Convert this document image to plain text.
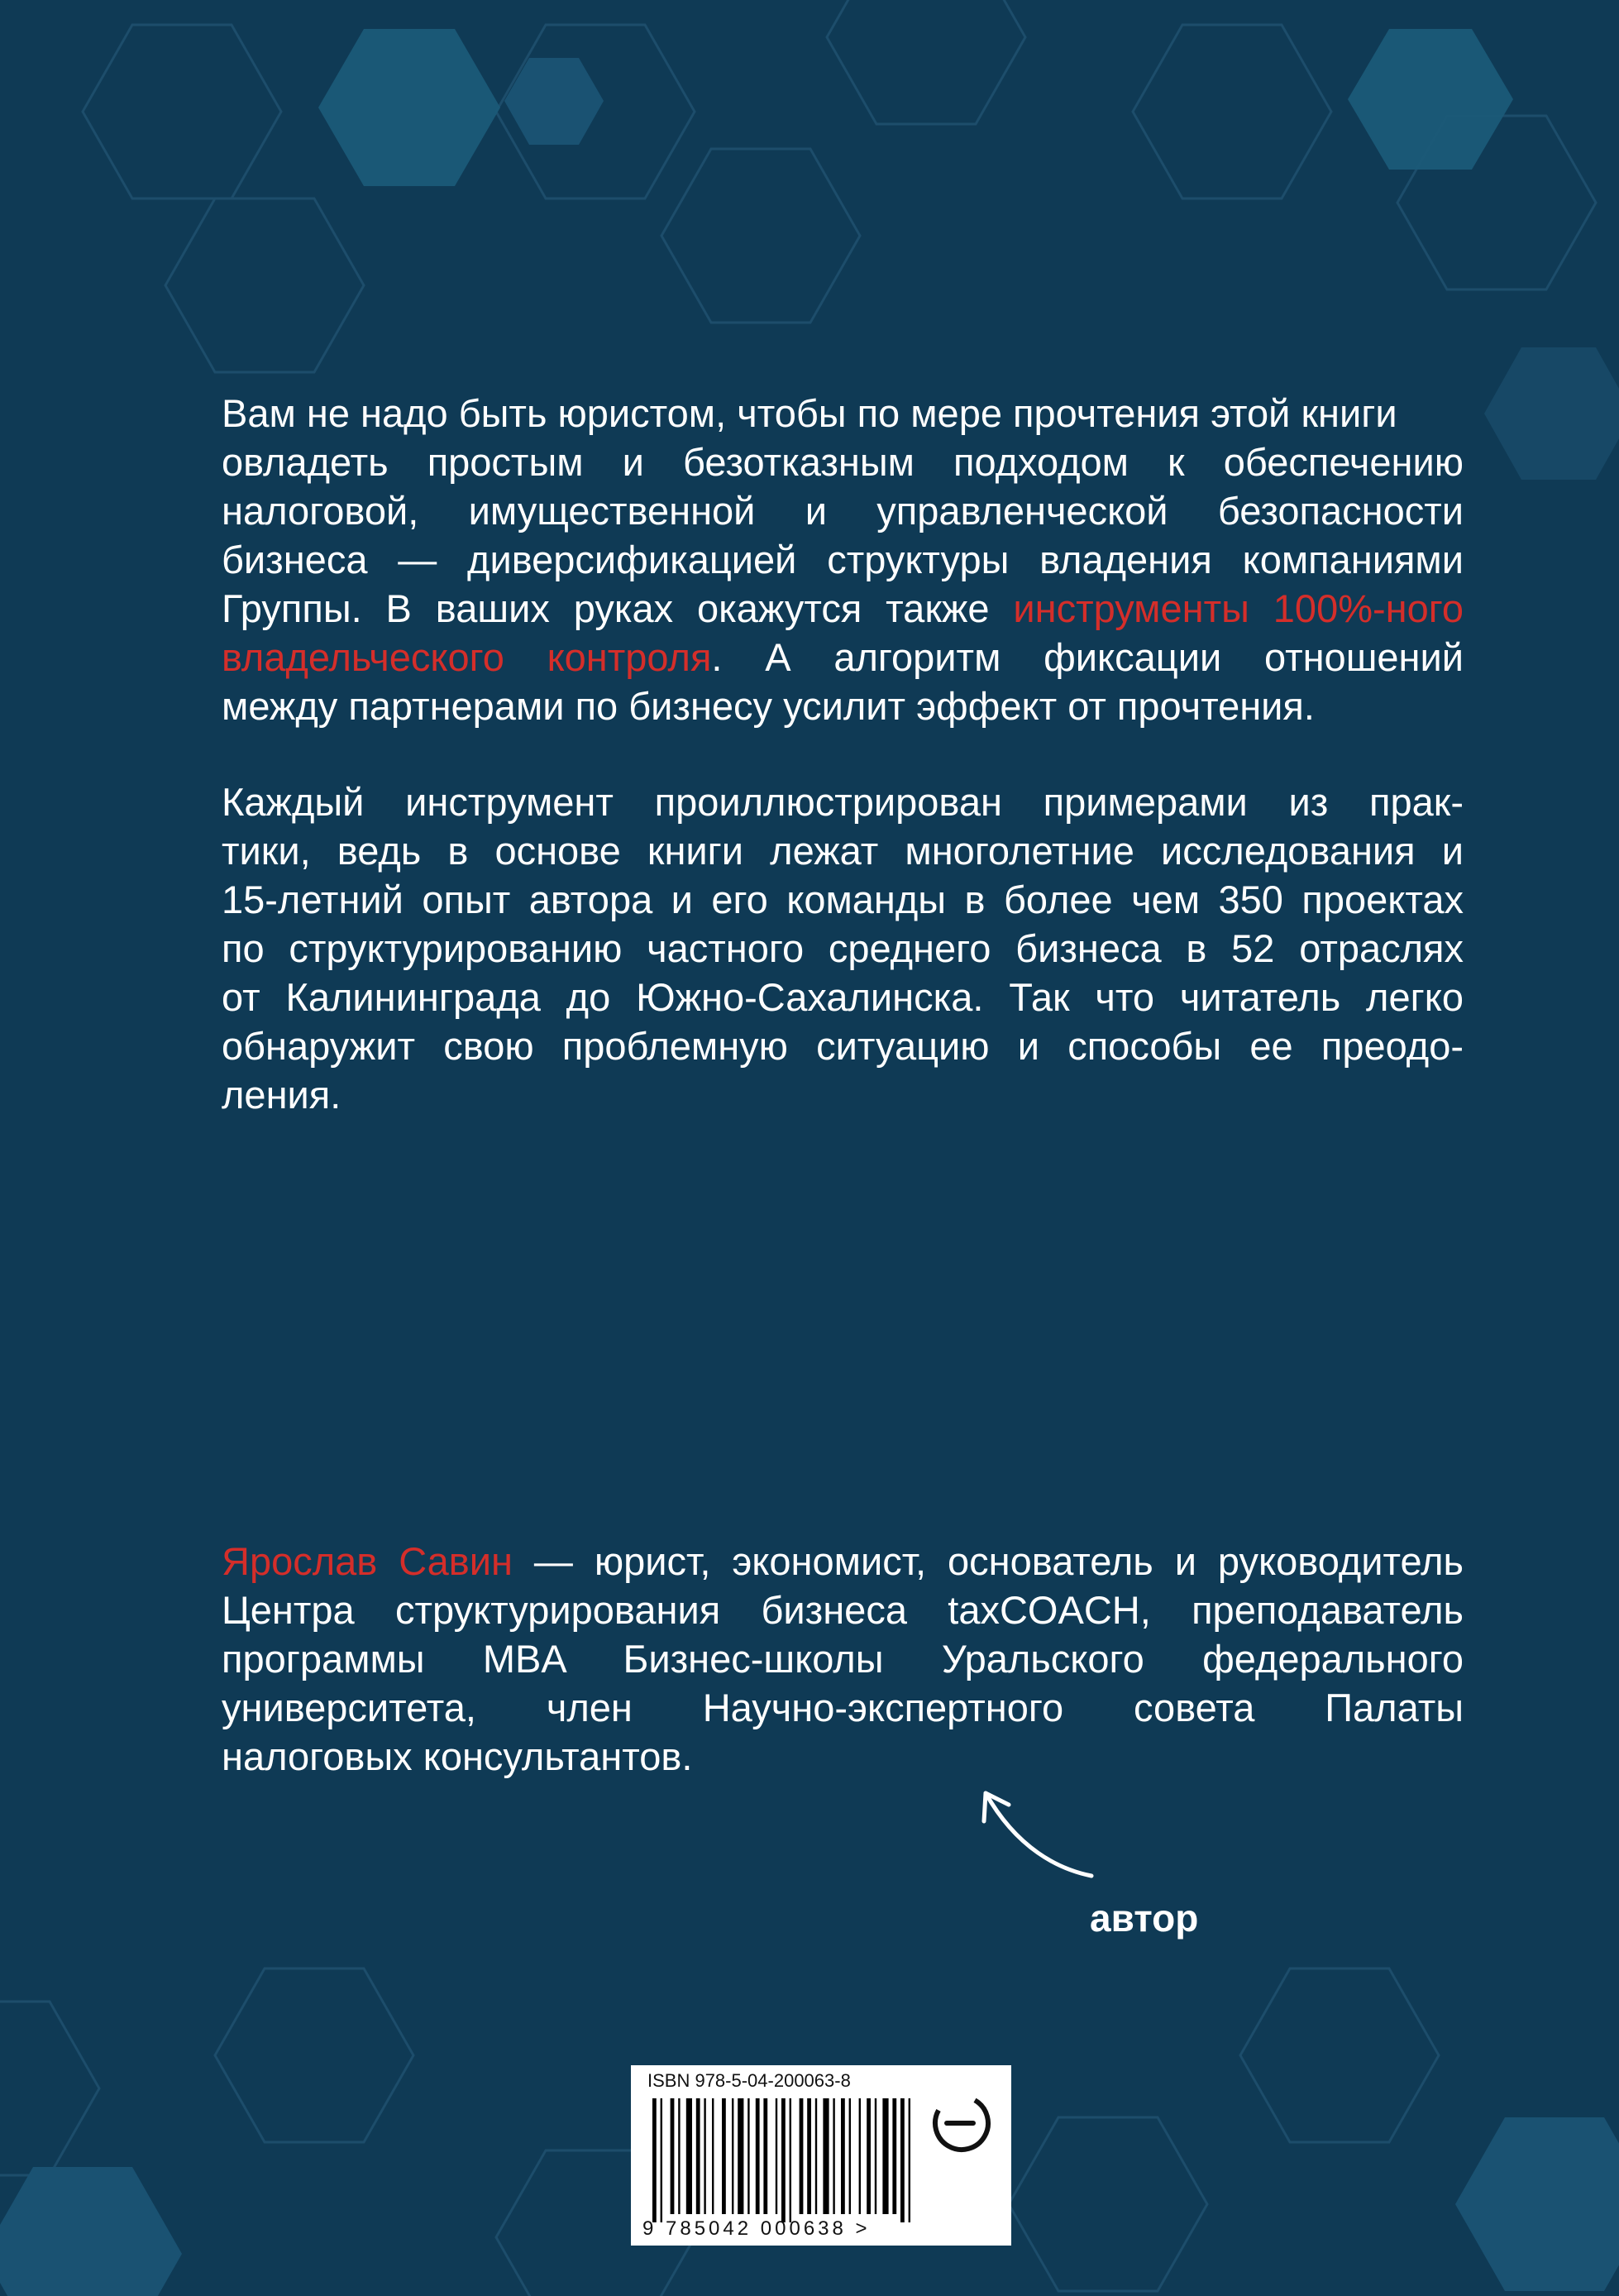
Вам не надо быть юристом, чтобы по мере прочтения этой книги
овладеть простым и безотказным подходом к обеспечению
налоговой, имущественной и управленческой безопасности
бизнеса — диверсификацией структуры владения компаниями
Группы. В ваших руках окажутся также инструменты 100%-ного
владельческого контроля. А алгоритм фиксации отношений
между партнерами по бизнесу усилит эффект от прочтения.
Каждый инструмент проиллюстрирован примерами из прак-
тики, ведь в основе книги лежат многолетние исследования и
15-летний опыт автора и его команды в более чем 350 проектах
по структурированию частного среднего бизнеса в 52 отраслях
от Калининграда до Южно-Сахалинска. Так что читатель легко
обнаружит свою проблемную ситуацию и способы ее преодо-
ления.
Ярослав Савин — юрист, экономист, основатель и руководитель
Центра структурирования бизнеса taxCOACH, преподаватель
программы MBA Бизнес-школы Уральского федерального
университета, член Научно-экспертного совета Палаты
налоговых консультантов.
автор
ISBN 978-5-04-200063-8
9 785042 000638 >
